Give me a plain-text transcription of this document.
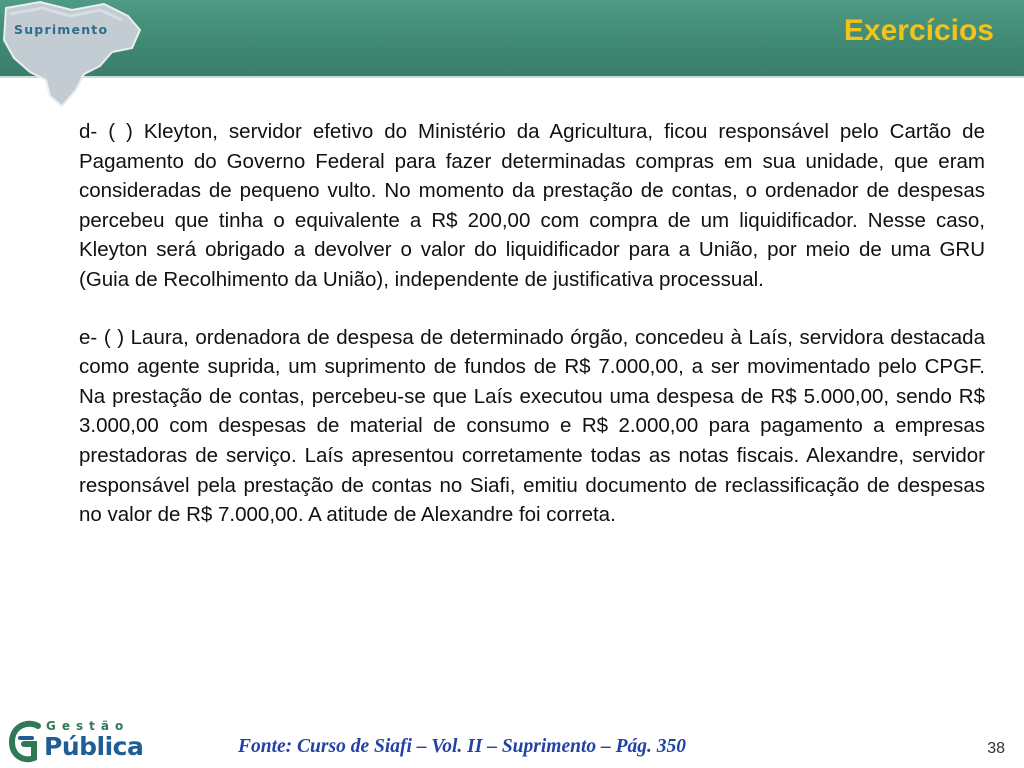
Suprimento	Exercícios

d- ( ) Kleyton, servidor efetivo do Ministério da Agricultura, ficou responsável pelo Cartão de Pagamento do Governo Federal para fazer determinadas compras em sua unidade, que eram consideradas de pequeno vulto. No momento da prestação de contas, o ordenador de despesas percebeu que tinha o equivalente a R$ 200,00 com compra de um liquidificador. Nesse caso, Kleyton será obrigado a devolver o valor do liquidificador para a União, por meio de uma GRU (Guia de Recolhimento da União), independente de justificativa processual.

e- ( ) Laura, ordenadora de despesa de determinado órgão, concedeu à Laís, servidora destacada como agente suprida, um suprimento de fundos de R$ 7.000,00, a ser movimentado pelo CPGF. Na prestação de contas, percebeu-se que Laís executou uma despesa de R$ 5.000,00, sendo R$ 3.000,00 com despesas de material de consumo e R$ 2.000,00 para pagamento a empresas prestadoras de serviço. Laís apresentou corretamente todas as notas fiscais. Alexandre, servidor responsável pela prestação de contas no Siafi, emitiu documento de reclassificação de despesas no valor de R$ 7.000,00. A atitude de Alexandre foi correta.

Gestão
Pública	Fonte: Curso de Siafi – Vol. II – Suprimento – Pág. 350	38
